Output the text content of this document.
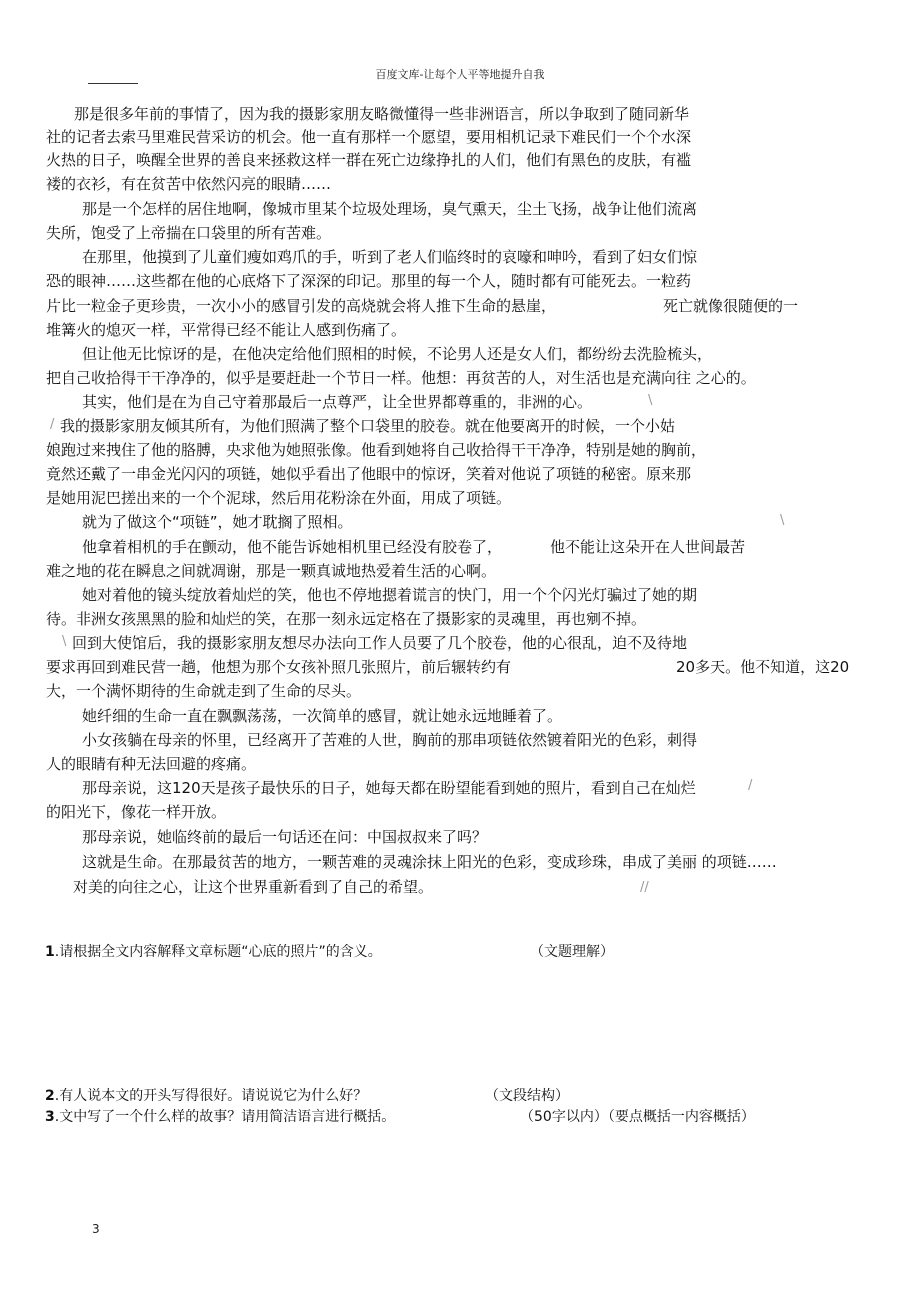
百度文库-让每个人平等地提升自我
那是很多年前的事情了，因为我的摄影家朋友略微懂得一些非洲语言，所以争取到了随同新华
社的记者去索马里难民营采访的机会。他一直有那样一个愿望，要用相机记录下难民们一个个水深
火热的日子，唤醒全世界的善良来拯救这样一群在死亡边缘挣扎的人们，他们有黑色的皮肤，有褴
褛的衣衫，有在贫苦中依然闪亮的眼睛……
那是一个怎样的居住地啊，像城市里某个垃圾处理场，臭气熏天，尘土飞扬，战争让他们流离
失所，饱受了上帝揣在口袋里的所有苦难。
在那里，他摸到了儿童们瘦如鸡爪的手，听到了老人们临终时的哀嚎和呻吟，看到了妇女们惊
恐的眼神……这些都在他的心底烙下了深深的印记。那里的每一个人，随时都有可能死去。一粒药
片比一粒金子更珍贵，一次小小的感冒引发的高烧就会将人推下生命的悬崖，	死亡就像很随便的一
堆篝火的熄灭一样，平常得已经不能让人感到伤痛了。
但让他无比惊讶的是，在他决定给他们照相的时候，不论男人还是女人们，都纷纷去洗脸梳头，
把自己收拾得干干净净的，似乎是要赶赴一个节日一样。他想：再贫苦的人，对生活也是充满向往 之心的。
其实，他们是在为自己守着那最后一点尊严，让全世界都尊重的，非洲的心。
我的摄影家朋友倾其所有，为他们照满了整个口袋里的胶卷。就在他要离开的时候，一个小姑
娘跑过来拽住了他的胳膊，央求他为她照张像。他看到她将自己收拾得干干净净，特别是她的胸前，
竟然还戴了一串金光闪闪的项链，她似乎看出了他眼中的惊讶，笑着对他说了项链的秘密。原来那
是她用泥巴搓出来的一个个泥球，然后用花粉涂在外面，用成了项链。
就为了做这个“项链”，她才耽搁了照相。
他拿着相机的手在颤动，他不能告诉她相机里已经没有胶卷了，	他不能让这朵开在人世间最苦
难之地的花在瞬息之间就凋谢，那是一颗真诚地热爱着生活的心啊。
她对着他的镜头绽放着灿烂的笑，他也不停地摁着谎言的快门，用一个个闪光灯骗过了她的期
待。非洲女孩黑黑的脸和灿烂的笑，在那一刻永远定格在了摄影家的灵魂里，再也剜不掉。
回到大使馆后，我的摄影家朋友想尽办法向工作人员要了几个胶卷，他的心很乱，迫不及待地
要求再回到难民营一趟，他想为那个女孩补照几张照片，前后辗转约有	20多天。他不知道，这20
大，一个满怀期待的生命就走到了生命的尽头。
她纤细的生命一直在飘飘荡荡，一次简单的感冒，就让她永远地睡着了。
小女孩躺在母亲的怀里，已经离开了苦难的人世，胸前的那串项链依然镀着阳光的色彩，刺得
人的眼睛有种无法回避的疼痛。
那母亲说，这120天是孩子最快乐的日子，她每天都在盼望能看到她的照片，看到自己在灿烂
的阳光下，像花一样开放。
那母亲说，她临终前的最后一句话还在问：中国叔叔来了吗？
这就是生命。在那最贫苦的地方，一颗苦难的灵魂涂抹上阳光的色彩，变成珍珠，串成了美丽 的项链……
对美的向往之心，让这个世界重新看到了自己的希望。
\
/
\
\
/
//
1.请根据全文内容解释文章标题“心底的照片”的含义。	（文题理解）
2.有人说本文的开头写得很好。请说说它为什么好？	（文段结构）
3.文中写了一个什么样的故事？请用简洁语言进行概括。	（50字以内）（要点概括一内容概括）
3
